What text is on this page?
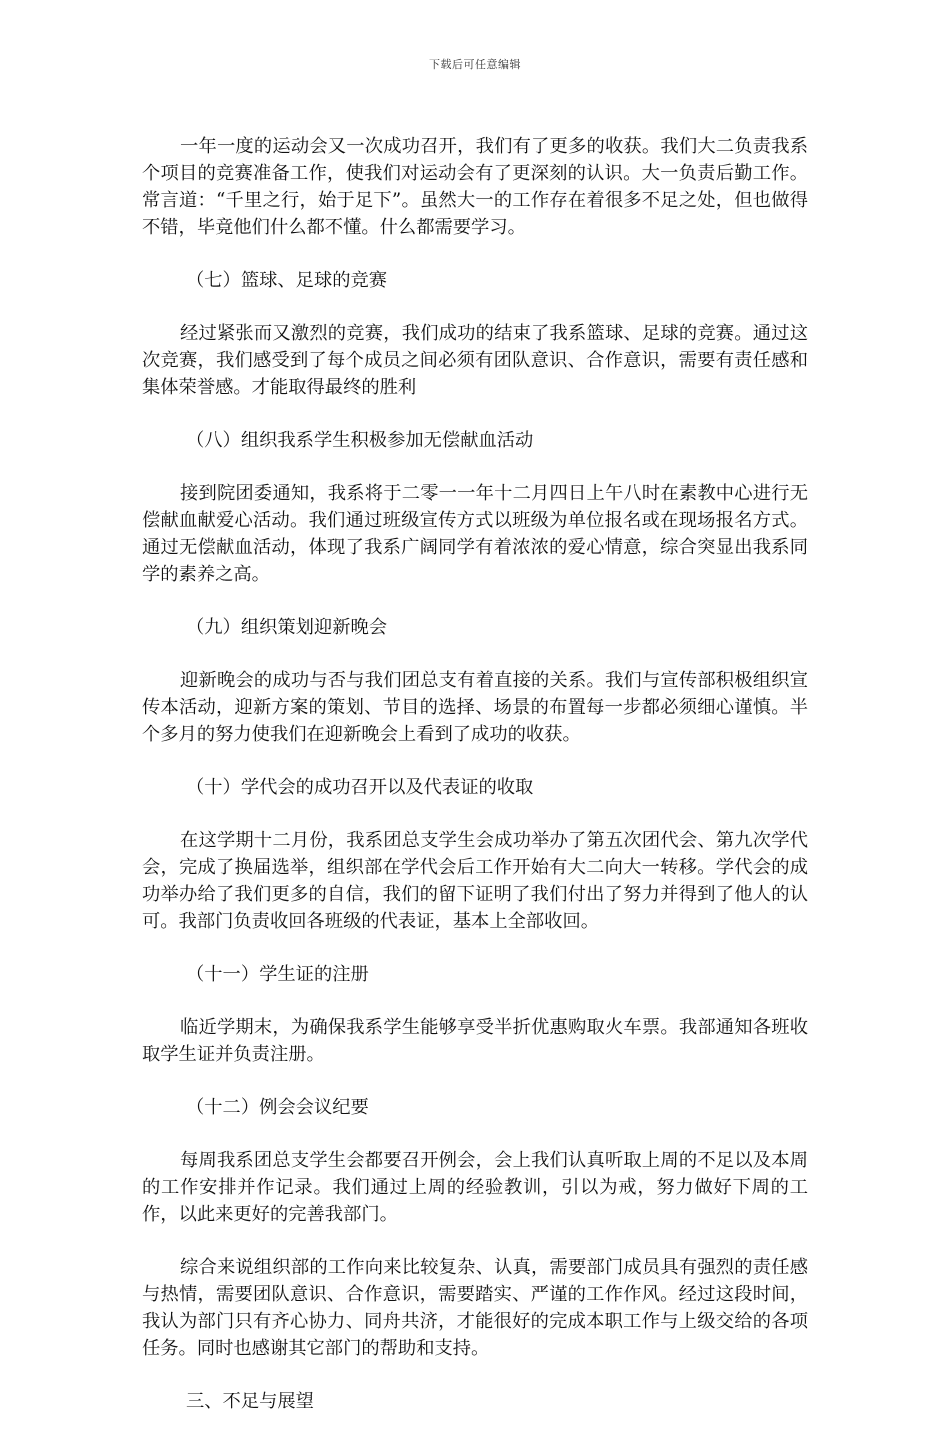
下载后可任意编辑

一年一度的运动会又一次成功召开，我们有了更多的收获。我们大二负责我系个项目的竞赛准备工作，使我们对运动会有了更深刻的认识。大一负责后勤工作。常言道：“千里之行，始于足下”。虽然大一的工作存在着很多不足之处，但也做得不错，毕竟他们什么都不懂。什么都需要学习。

（七）篮球、足球的竞赛

经过紧张而又激烈的竞赛，我们成功的结束了我系篮球、足球的竞赛。通过这次竞赛，我们感受到了每个成员之间必须有团队意识、合作意识，需要有责任感和集体荣誉感。才能取得最终的胜利

（八）组织我系学生积极参加无偿献血活动

接到院团委通知，我系将于二零一一年十二月四日上午八时在素教中心进行无偿献血献爱心活动。我们通过班级宣传方式以班级为单位报名或在现场报名方式。通过无偿献血活动，体现了我系广阔同学有着浓浓的爱心情意，综合突显出我系同学的素养之高。

（九）组织策划迎新晚会

迎新晚会的成功与否与我们团总支有着直接的关系。我们与宣传部积极组织宣传本活动，迎新方案的策划、节目的选择、场景的布置每一步都必须细心谨慎。半个多月的努力使我们在迎新晚会上看到了成功的收获。

（十）学代会的成功召开以及代表证的收取

在这学期十二月份，我系团总支学生会成功举办了第五次团代会、第九次学代会，完成了换届选举，组织部在学代会后工作开始有大二向大一转移。学代会的成功举办给了我们更多的自信，我们的留下证明了我们付出了努力并得到了他人的认可。我部门负责收回各班级的代表证，基本上全部收回。

（十一）学生证的注册

临近学期末，为确保我系学生能够享受半折优惠购取火车票。我部通知各班收取学生证并负责注册。

（十二）例会会议纪要

每周我系团总支学生会都要召开例会，会上我们认真听取上周的不足以及本周的工作安排并作记录。我们通过上周的经验教训，引以为戒，努力做好下周的工作，以此来更好的完善我部门。

综合来说组织部的工作向来比较复杂、认真，需要部门成员具有强烈的责任感与热情，需要团队意识、合作意识，需要踏实、严谨的工作作风。经过这段时间，我认为部门只有齐心协力、同舟共济，才能很好的完成本职工作与上级交给的各项任务。同时也感谢其它部门的帮助和支持。

三、不足与展望
